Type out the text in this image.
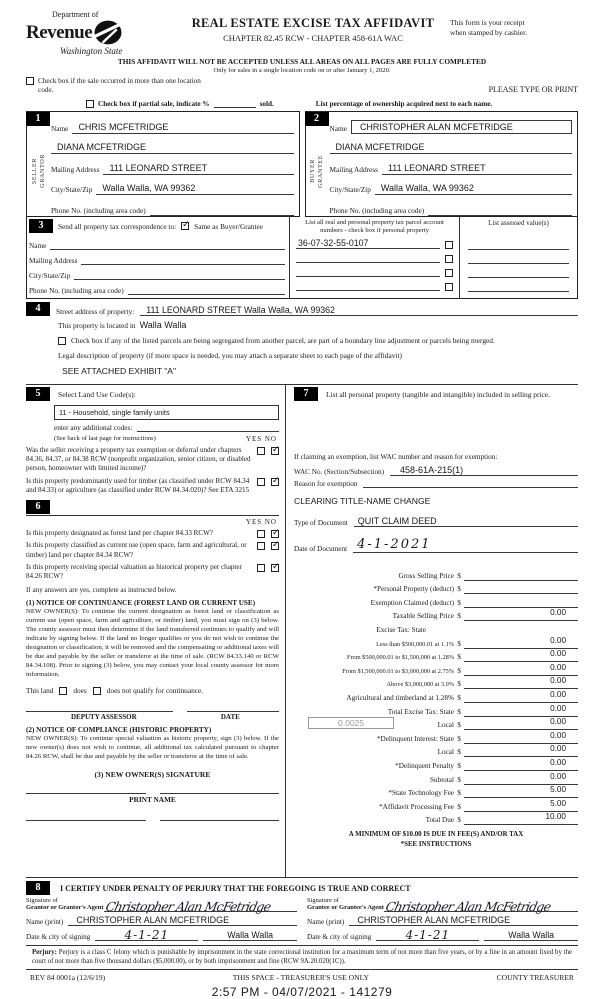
Department of
Revenue
Washington State
REAL ESTATE EXCISE TAX AFFIDAVIT
CHAPTER 82.45 RCW - CHAPTER 458-61A WAC
This form is your receipt
when stamped by cashier.
THIS AFFIDAVIT WILL NOT BE ACCEPTED UNLESS ALL AREAS ON ALL PAGES ARE FULLY COMPLETED
Only for sales in a single location code on or after January 1, 2020.
Check box if the sale occurred in more than one location code.	PLEASE TYPE OR PRINT
Check box if partial sale, indicate %	sold.	List percentage of ownership acquired next to each name.
1
SELLER GRANTOR
Name	CHRIS MCFETRIDGE
DIANA MCFETRIDGE
Mailing Address	111 LEONARD STREET
City/State/Zip	Walla Walla, WA 99362
Phone No. (including area code)
2
BUYER GRANTEE
Name	CHRISTOPHER ALAN MCFETRIDGE
DIANA MCFETRIDGE
Mailing Address	111 LEONARD STREET
City/State/Zip	Walla Walla, WA 99362
Phone No. (including area code)
3	Send all property tax correspondence to: ✓ Same as Buyer/Grantee
Name
Mailing Address
City/State/Zip
Phone No. (including area code)
List all real and personal property tax parcel account numbers - check box if personal property
36-07-32-55-0107
List assessed value(s)
4	Street address of property:	111 LEONARD STREET Walla Walla, WA 99362
This property is located in Walla Walla
Check box if any of the listed parcels are being segregated from another parcel, are part of a boundary line adjustment or parcels being merged.
Legal description of property (if more space is needed, you may attach a separate sheet to each page of the affidavit)
SEE ATTACHED EXHIBIT "A"
5	Select Land Use Code(s):
11 - Household, single family units
enter any additional codes:
(See back of last page for instructions)	YES NO
Was the seller receiving a property tax exemption or deferral under chapters 84.36, 84.37, or 84.38 RCW (nonprofit organization, senior citizen, or disabled person, homeowner with limited income)?
✓
Is this property predominantly used for timber (as classified under RCW 84.34 and 84.33) or agriculture (as classified under RCW 84.34.020)? See ETA 3215
✓
6
YES NO
Is this property designated as forest land per chapter 84.33 RCW?
✓
Is this property classified as current use (open space, farm and agricultural, or timber) land per chapter 84.34 RCW?
✓
Is this property receiving special valuation as historical property per chapter 84.26 RCW?
✓
If any answers are yes, complete as instructed below.
(1) NOTICE OF CONTINUANCE (FOREST LAND OR CURRENT USE)
NEW OWNER(S): To continue the current designation as forest land or classification as current use (open space, farm and agriculture, or timber) land, you must sign on (3) below. The county assessor must then determine if the land transferred continues to qualify and will indicate by signing below. If the land no longer qualifies or you do not wish to continue the designation or classification, it will be removed and the compensating or additional taxes will be due and payable by the seller or transferor at the time of sale. (RCW 84.33.140 or RCW 84.34.108). Prior to signing (3) below, you may contact your local county assessor for more information.
This land	does	does not qualify for continuance.
DEPUTY ASSESSOR	DATE
(2) NOTICE OF COMPLIANCE (HISTORIC PROPERTY)
NEW OWNER(S): To continue special valuation as historic property, sign (3) below. If the new owner(s) does not wish to continue, all additional tax calculated pursuant to chapter 84.26 RCW, shall be due and payable by the seller or transferor at the time of sale.
(3) NEW OWNER(S) SIGNATURE
PRINT NAME
7	List all personal property (tangible and intangible) included in selling price.
If claiming an exemption, list WAC number and reason for exemption:
WAC No. (Section/Subsection)	458-61A-215(1)
Reason for exemption
CLEARING TITLE-NAME CHANGE
Type of Document	QUIT CLAIM DEED
Date of Document 4-1-2021
Gross Selling Price $
*Personal Property (deduct) $
Exemption Claimed (deduct) $
Taxable Selling Price $	0.00
Excise Tax: State
Less than $500,000.01 at 1.1% $	0.00
From $500,000.01 to $1,500,000 at 1.28% $	0.00
From $1,500,000.01 to $3,000,000 at 2.75% $	0.00
Above $3,000,000 at 3.0% $	0.00
Agricultural and timberland at 1.28% $	0.00
Total Excise Tax: State $	0.00
0.0025	Local $	0.00
*Delinquent Interest: State $	0.00
Local $	0.00
*Delinquent Penalty $	0.00
Subtotal $	0.00
*State Technology Fee $	5.00
*Affidavit Processing Fee $	5.00
Total Due $	10.00
A MINIMUM OF $10.00 IS DUE IN FEE(S) AND/OR TAX
*SEE INSTRUCTIONS
8	I CERTIFY UNDER PENALTY OF PERJURY THAT THE FOREGOING IS TRUE AND CORRECT
Signature of
Grantor or Grantor's Agent Christopher Alan McFetridge
Name (print)	CHRISTOPHER ALAN MCFETRIDGE
Date & city of signing	4-1-21	Walla Walla
Signature of
Grantee or Grantee's Agent Christopher Alan McFetridge
Name (print)	CHRISTOPHER ALAN MCFETRIDGE
Date & city of signing	4-1-21	Walla Walla
Perjury: Perjury is a class C felony which is punishable by imprisonment in the state correctional institution for a maximum term of not more than five years, or by a fine in an amount fixed by the court of not more than five thousand dollars ($5,000.00), or by both imprisonment and fine (RCW 9A.20.020(1C)).
REV 84 0001a (12/6/19)	THIS SPACE - TREASURER'S USE ONLY	COUNTY TREASURER
2:57 PM - 04/07/2021 - 141279
